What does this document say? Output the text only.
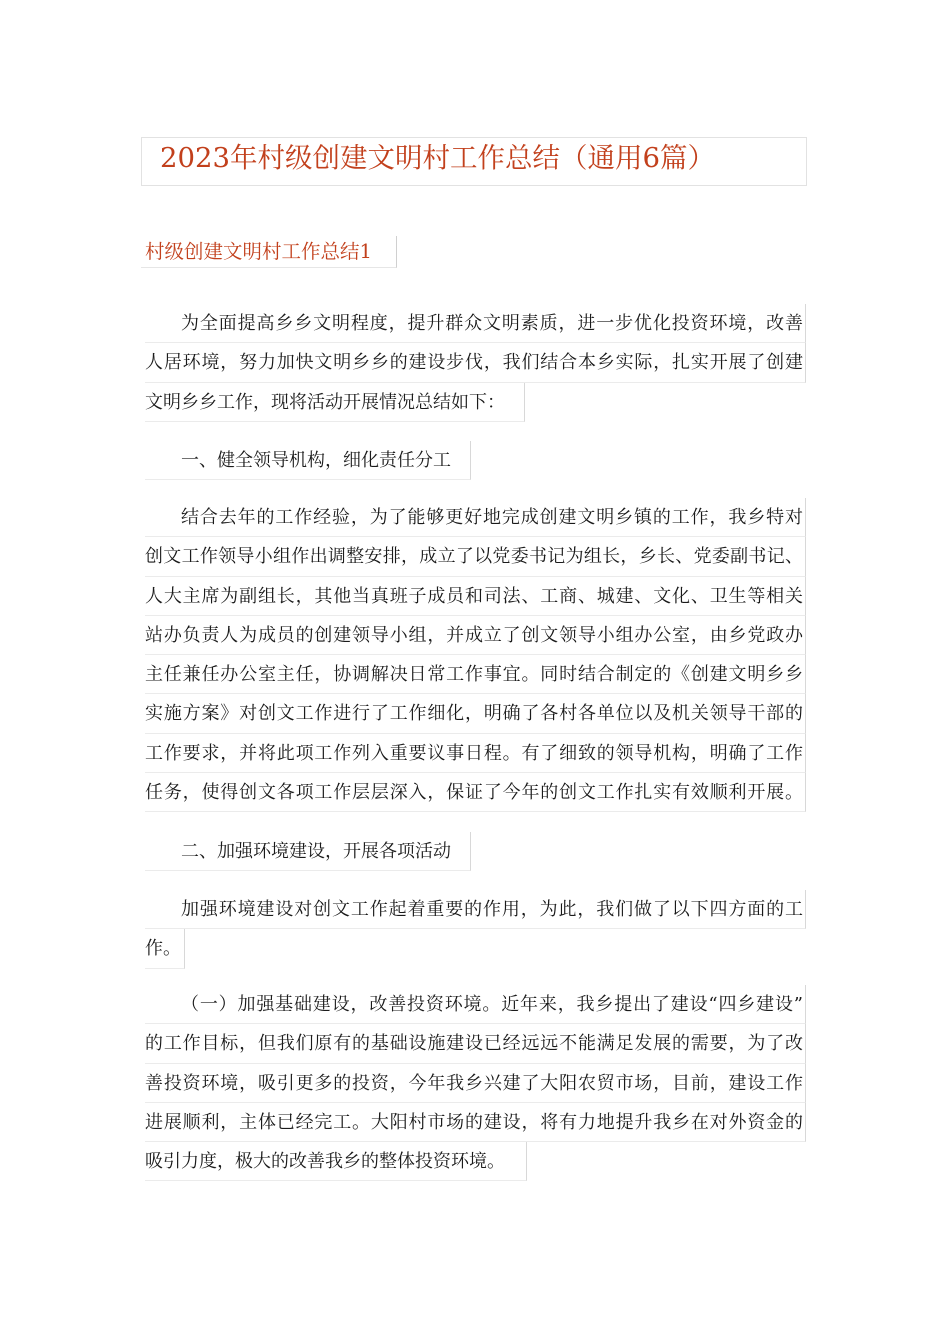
2023年村级创建文明村工作总结（通用6篇）
村级创建文明村工作总结1
为全面提高乡乡文明程度，提升群众文明素质，进一步优化投资环境，改善
人居环境，努力加快文明乡乡的建设步伐，我们结合本乡实际，扎实开展了创建
文明乡乡工作，现将活动开展情况总结如下：
一、健全领导机构，细化责任分工
结合去年的工作经验，为了能够更好地完成创建文明乡镇的工作，我乡特对
创文工作领导小组作出调整安排，成立了以党委书记为组长，乡长、党委副书记、
人大主席为副组长，其他当真班子成员和司法、工商、城建、文化、卫生等相关
站办负责人为成员的创建领导小组，并成立了创文领导小组办公室，由乡党政办
主任兼任办公室主任，协调解决日常工作事宜。同时结合制定的《创建文明乡乡
实施方案》对创文工作进行了工作细化，明确了各村各单位以及机关领导干部的
工作要求，并将此项工作列入重要议事日程。有了细致的领导机构，明确了工作
任务，使得创文各项工作层层深入，保证了今年的创文工作扎实有效顺利开展。
二、加强环境建设，开展各项活动
加强环境建设对创文工作起着重要的作用，为此，我们做了以下四方面的工
作。
（一）加强基础建设，改善投资环境。近年来，我乡提出了建设“四乡建设”
的工作目标，但我们原有的基础设施建设已经远远不能满足发展的需要，为了改
善投资环境，吸引更多的投资，今年我乡兴建了大阳农贸市场，目前，建设工作
进展顺利，主体已经完工。大阳村市场的建设，将有力地提升我乡在对外资金的
吸引力度，极大的改善我乡的整体投资环境。
